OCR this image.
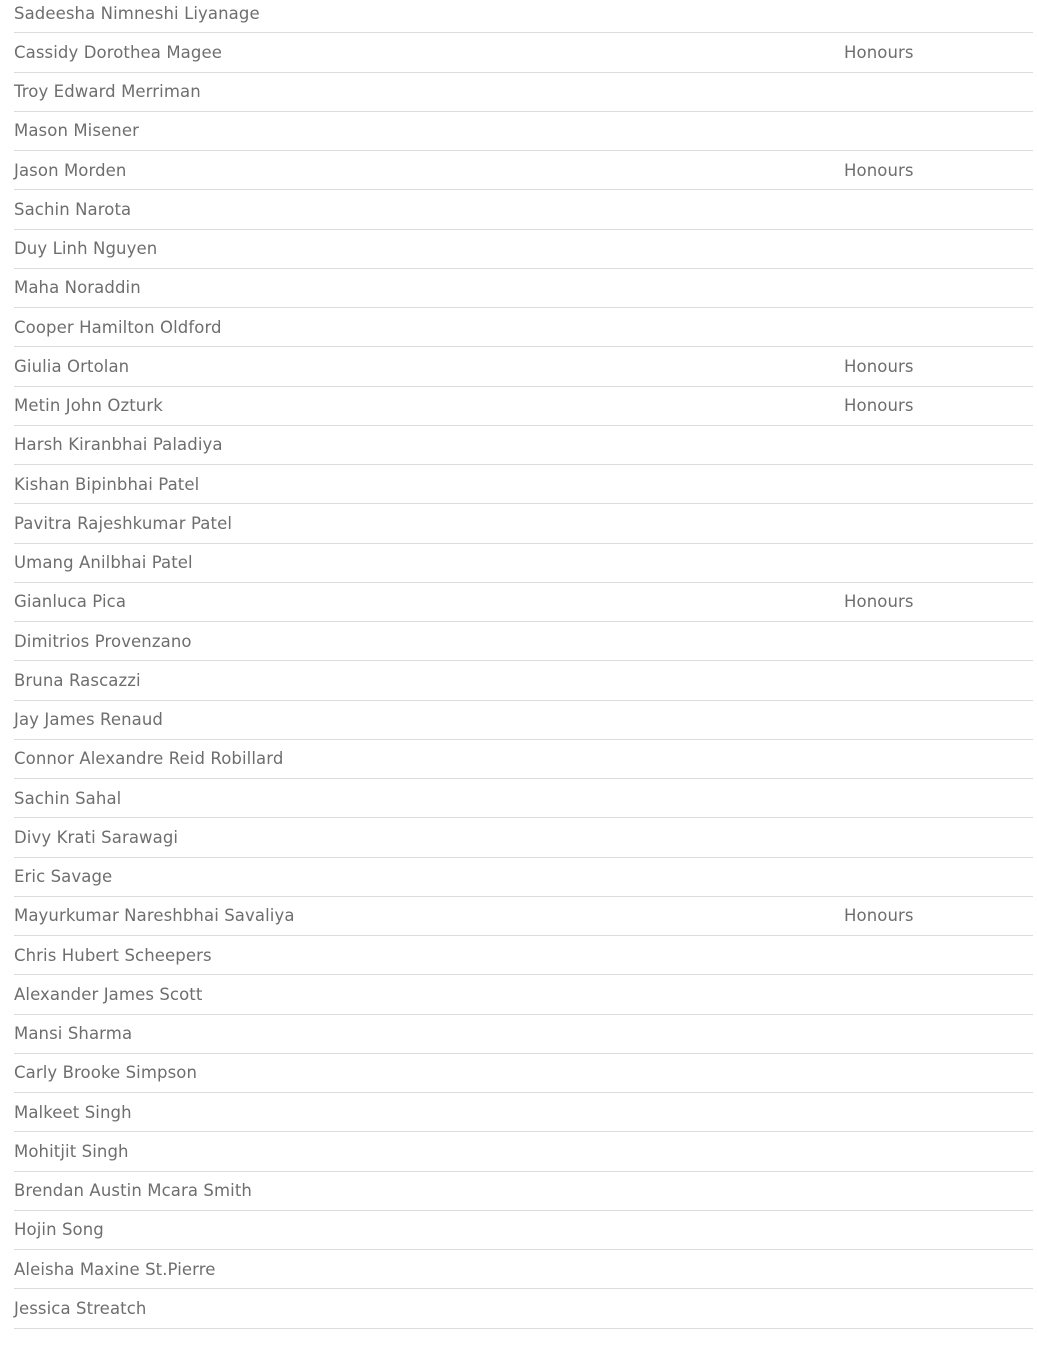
Sadeesha Nimneshi Liyanage
Cassidy Dorothea Magee	Honours
Troy Edward Merriman
Mason Misener
Jason Morden	Honours
Sachin Narota
Duy Linh Nguyen
Maha Noraddin
Cooper Hamilton Oldford
Giulia Ortolan	Honours
Metin John Ozturk	Honours
Harsh Kiranbhai Paladiya
Kishan Bipinbhai Patel
Pavitra Rajeshkumar Patel
Umang Anilbhai Patel
Gianluca Pica	Honours
Dimitrios Provenzano
Bruna Rascazzi
Jay James Renaud
Connor Alexandre Reid Robillard
Sachin Sahal
Divy Krati Sarawagi
Eric Savage
Mayurkumar Nareshbhai Savaliya	Honours
Chris Hubert Scheepers
Alexander James Scott
Mansi Sharma
Carly Brooke Simpson
Malkeet Singh
Mohitjit Singh
Brendan Austin Mcara Smith
Hojin Song
Aleisha Maxine St.Pierre
Jessica Streatch
